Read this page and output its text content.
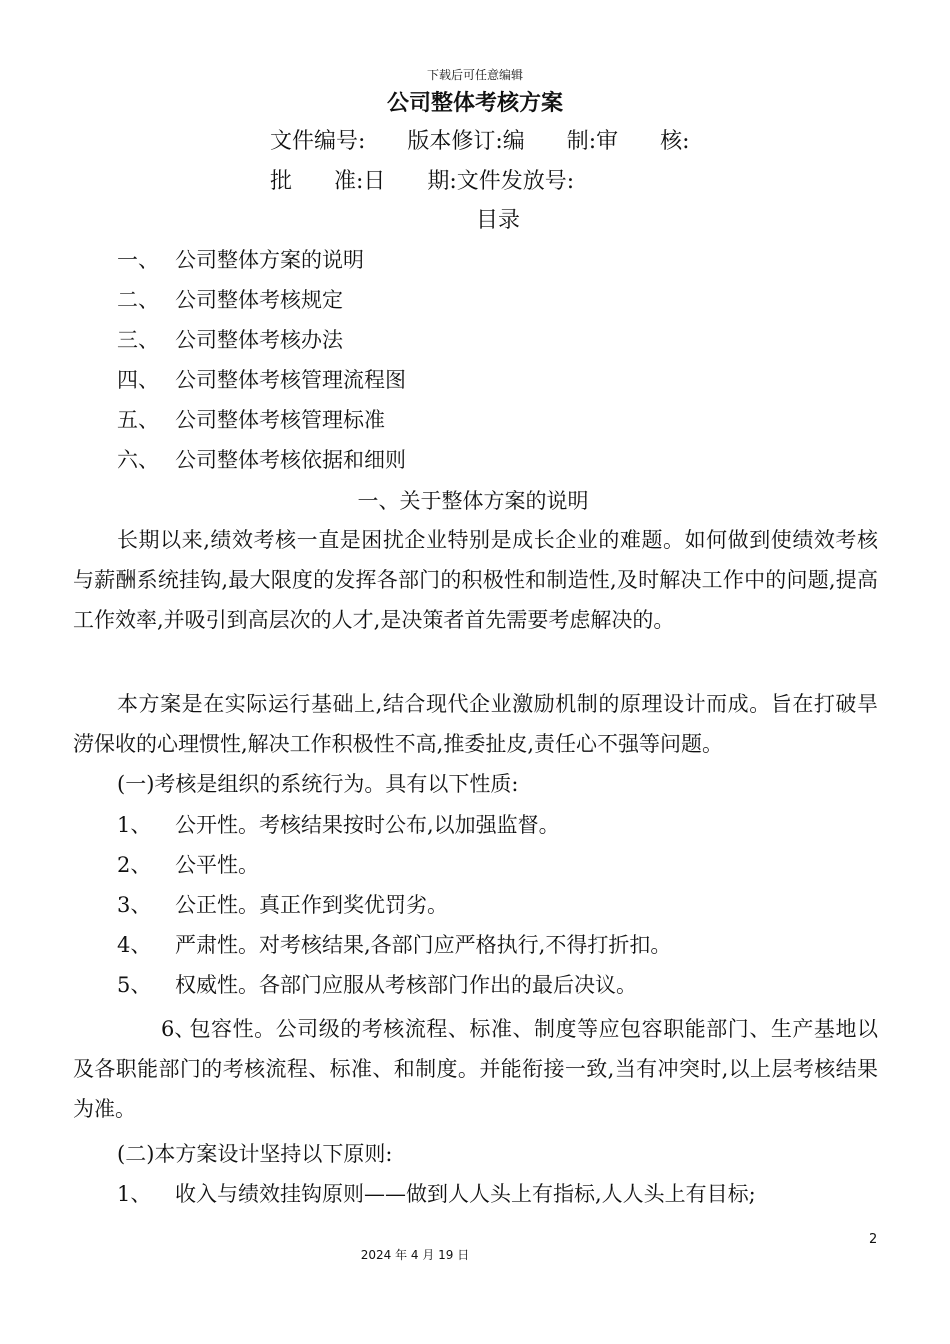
下载后可任意编辑
公司整体考核方案
文件编号:      版本修订:编      制:审      核:
批      准:日      期:文件发放号:
目录
一、 公司整体方案的说明
二、 公司整体考核规定
三、 公司整体考核办法
四、 公司整体考核管理流程图
五、 公司整体考核管理标准
六、 公司整体考核依据和细则
一、关于整体方案的说明
长期以来,绩效考核一直是困扰企业特别是成长企业的难题。如何做到使绩效考核与薪酬系统挂钩,最大限度的发挥各部门的积极性和制造性,及时解决工作中的问题,提高工作效率,并吸引到高层次的人才,是决策者首先需要考虑解决的。
本方案是在实际运行基础上,结合现代企业激励机制的原理设计而成。旨在打破旱涝保收的心理惯性,解决工作积极性不高,推委扯皮,责任心不强等问题。
(一)考核是组织的系统行为。具有以下性质:
1、 公开性。考核结果按时公布,以加强监督。
2、 公平性。
3、 公正性。真正作到奖优罚劣。
4、 严肃性。对考核结果,各部门应严格执行,不得打折扣。
5、 权威性。各部门应服从考核部门作出的最后决议。
6、包容性。公司级的考核流程、标准、制度等应包容职能部门、生产基地以及各职能部门的考核流程、标准、和制度。并能衔接一致,当有冲突时,以上层考核结果为准。
(二)本方案设计坚持以下原则:
1、 收入与绩效挂钩原则——做到人人头上有指标,人人头上有目标;
2
2024 年 4 月 19 日
